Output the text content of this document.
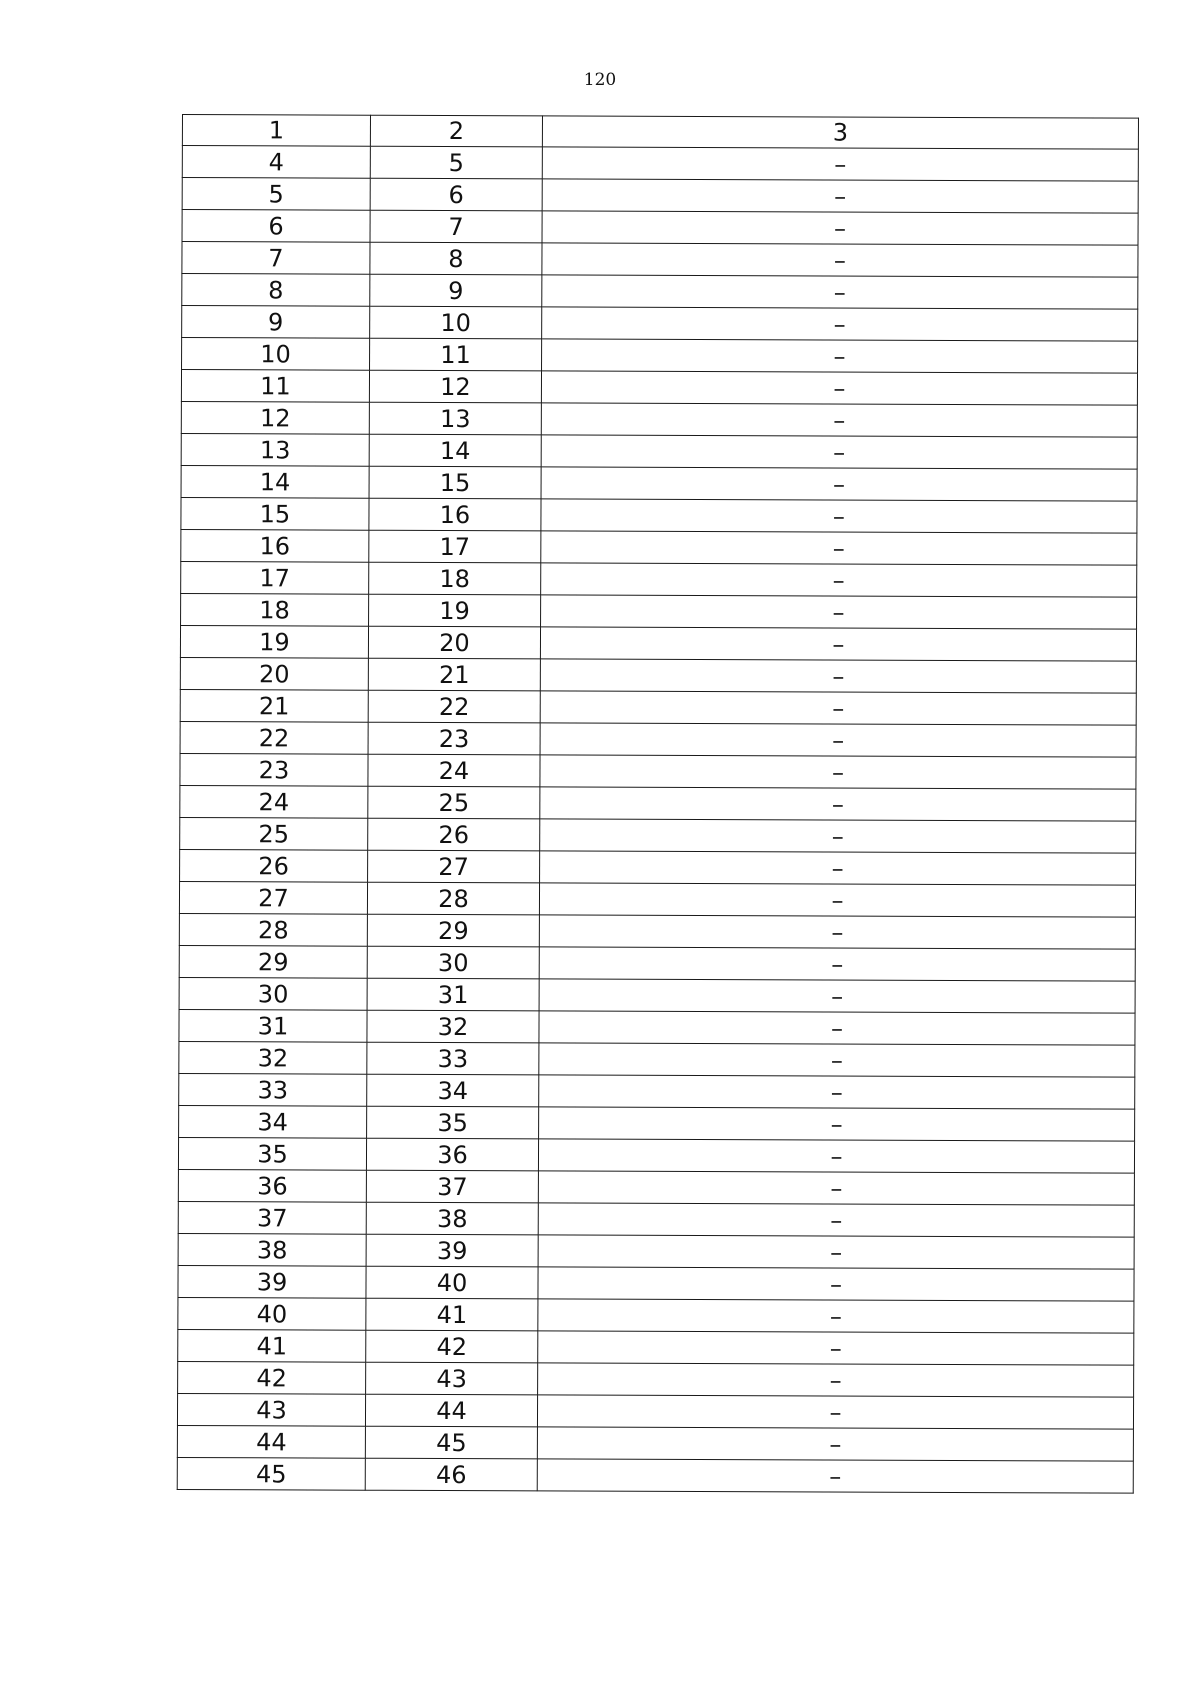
120
1	2	3
4	5	–
5	6	–
6	7	–
7	8	–
8	9	–
9	10	–
10	11	–
11	12	–
12	13	–
13	14	–
14	15	–
15	16	–
16	17	–
17	18	–
18	19	–
19	20	–
20	21	–
21	22	–
22	23	–
23	24	–
24	25	–
25	26	–
26	27	–
27	28	–
28	29	–
29	30	–
30	31	–
31	32	–
32	33	–
33	34	–
34	35	–
35	36	–
36	37	–
37	38	–
38	39	–
39	40	–
40	41	–
41	42	–
42	43	–
43	44	–
44	45	–
45	46	–
